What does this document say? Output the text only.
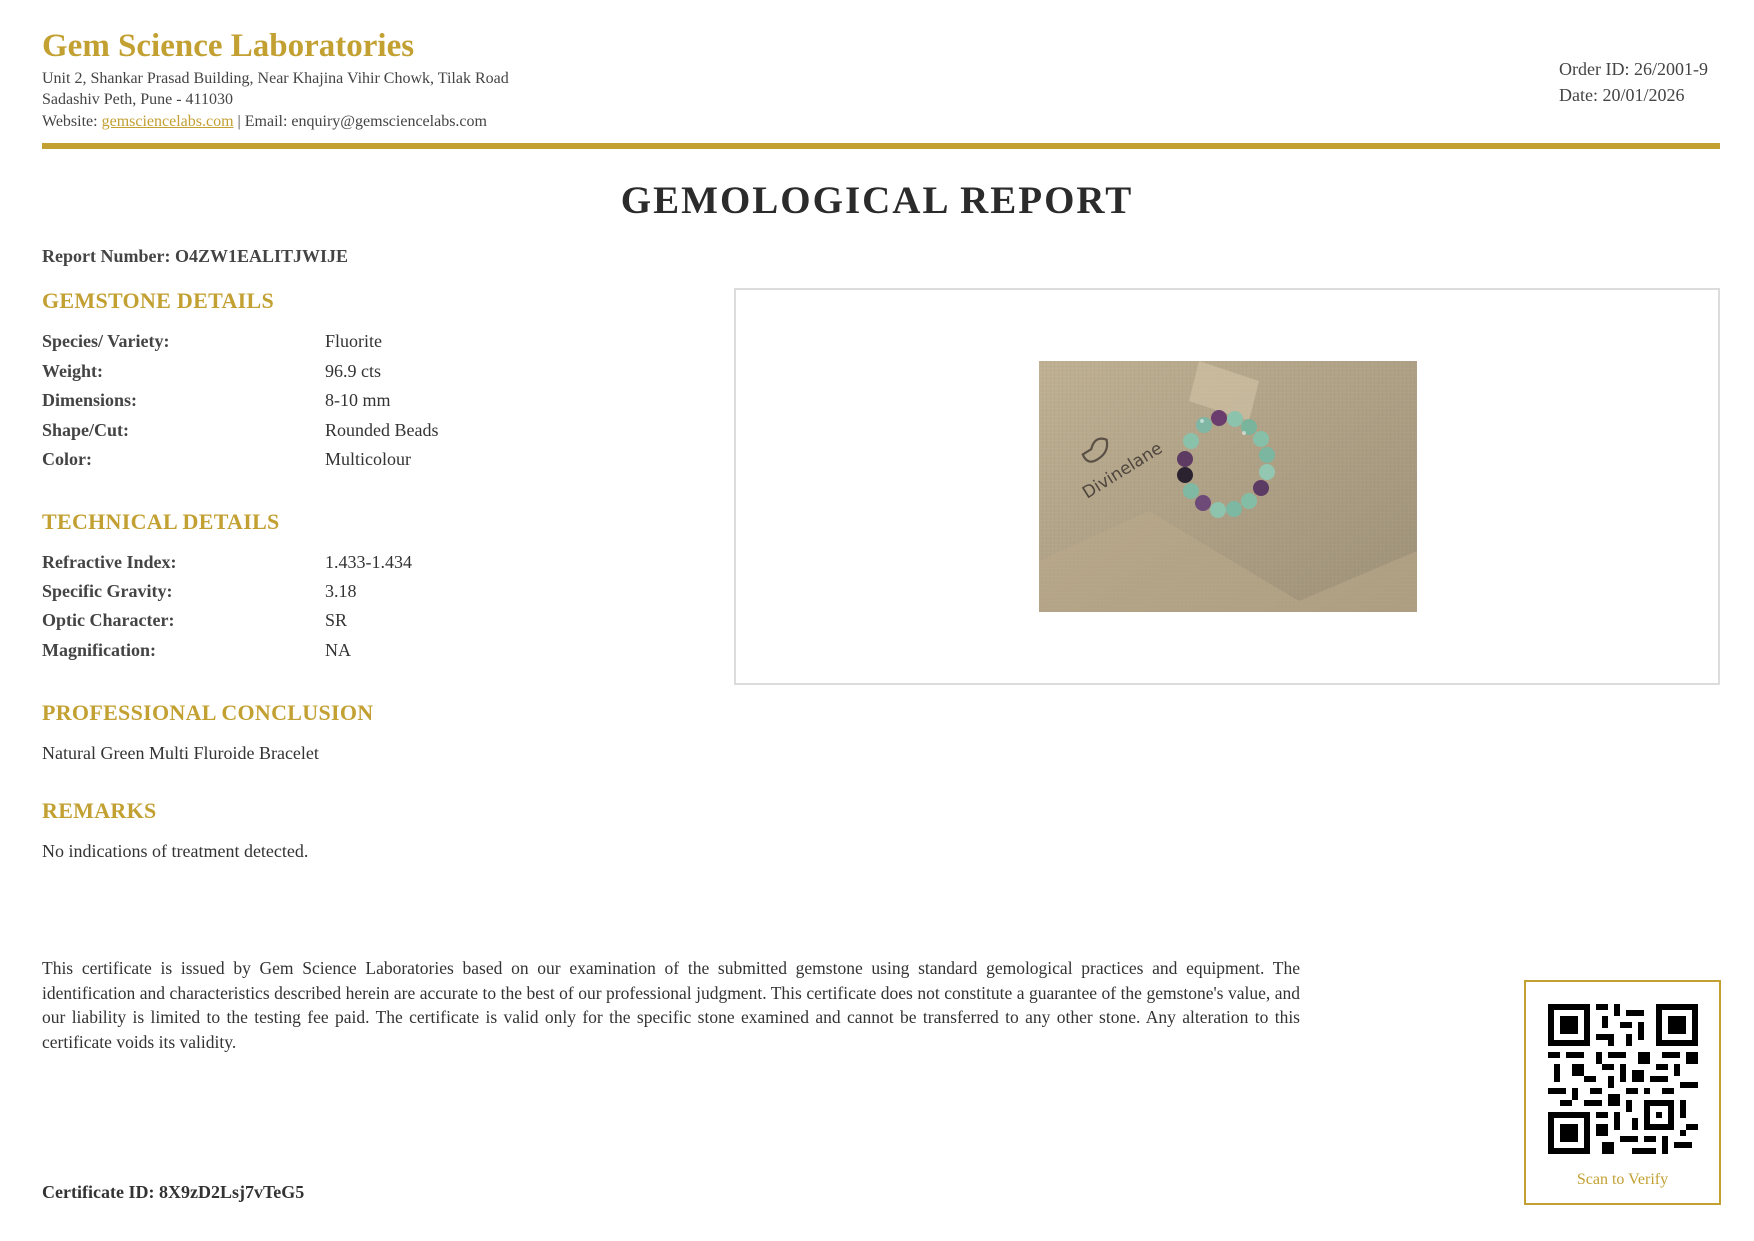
Gem Science Laboratories
Unit 2, Shankar Prasad Building, Near Khajina Vihir Chowk, Tilak Road
Sadashiv Peth, Pune - 411030
Website: gemsciencelabs.com | Email: enquiry@gemsciencelabs.com
Order ID: 26/2001-9
Date: 20/01/2026
GEMOLOGICAL REPORT
Report Number: O4ZW1EALITJWIJE
GEMSTONE DETAILS
Species/ Variety:	Fluorite
Weight:	96.9 cts
Dimensions:	8-10 mm
Shape/Cut:	Rounded Beads
Color:	Multicolour
TECHNICAL DETAILS
Refractive Index:	1.433-1.434
Specific Gravity:	3.18
Optic Character:	SR
Magnification:	NA
PROFESSIONAL CONCLUSION
Natural Green Multi Fluroide Bracelet
REMARKS
No indications of treatment detected.
Divinelane
This certificate is issued by Gem Science Laboratories based on our examination of the submitted gemstone using standard gemological practices and equipment. The identification and characteristics described herein are accurate to the best of our professional judgment. This certificate does not constitute a guarantee of the gemstone's value, and our liability is limited to the testing fee paid. The certificate is valid only for the specific stone examined and cannot be transferred to any other stone. Any alteration to this certificate voids its validity.
Certificate ID: 8X9zD2Lsj7vTeG5
Scan to Verify
